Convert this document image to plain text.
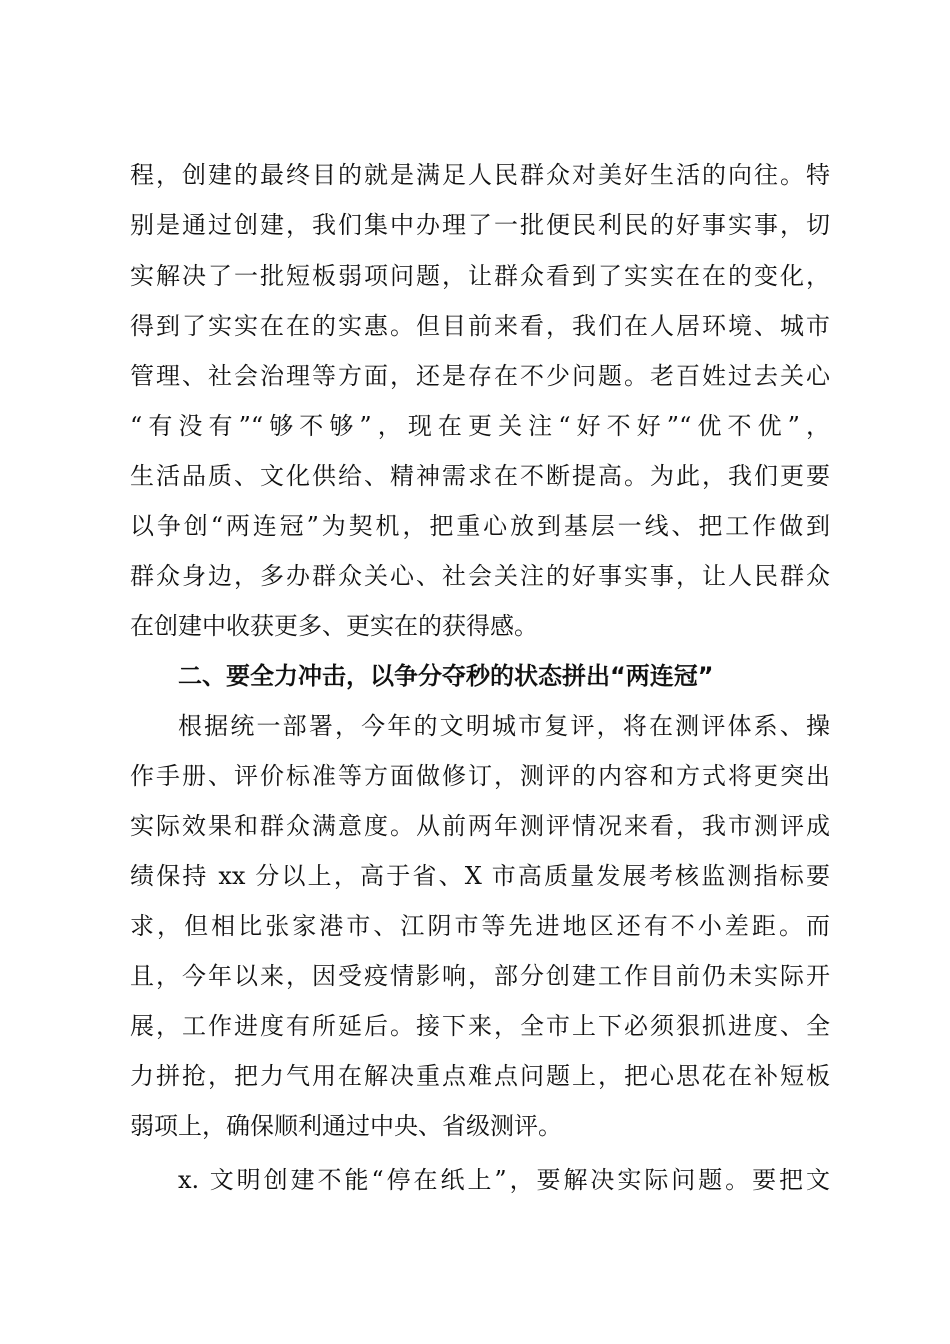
程，创建的最终目的就是满足人民群众对美好生活的向往。特
别是通过创建，我们集中办理了一批便民利民的好事实事，切
实解决了一批短板弱项问题，让群众看到了实实在在的变化，
得到了实实在在的实惠。但目前来看，我们在人居环境、城市
管理、社会治理等方面，还是存在不少问题。老百姓过去关心
“有没有”“够不够”，现在更关注“好不好”“优不优”，
生活品质、文化供给、精神需求在不断提高。为此，我们更要
以争创“两连冠”为契机，把重心放到基层一线、把工作做到
群众身边，多办群众关心、社会关注的好事实事，让人民群众
在创建中收获更多、更实在的获得感。
二、要全力冲击，以争分夺秒的状态拼出“两连冠”
根据统一部署，今年的文明城市复评，将在测评体系、操
作手册、评价标准等方面做修订，测评的内容和方式将更突出
实际效果和群众满意度。从前两年测评情况来看，我市测评成
绩保持 xx 分以上，高于省、X 市高质量发展考核监测指标要
求，但相比张家港市、江阴市等先进地区还有不小差距。而
且，今年以来，因受疫情影响，部分创建工作目前仍未实际开
展，工作进度有所延后。接下来，全市上下必须狠抓进度、全
力拼抢，把力气用在解决重点难点问题上，把心思花在补短板
弱项上，确保顺利通过中央、省级测评。
x. 文明创建不能“停在纸上”，要解决实际问题。要把文
